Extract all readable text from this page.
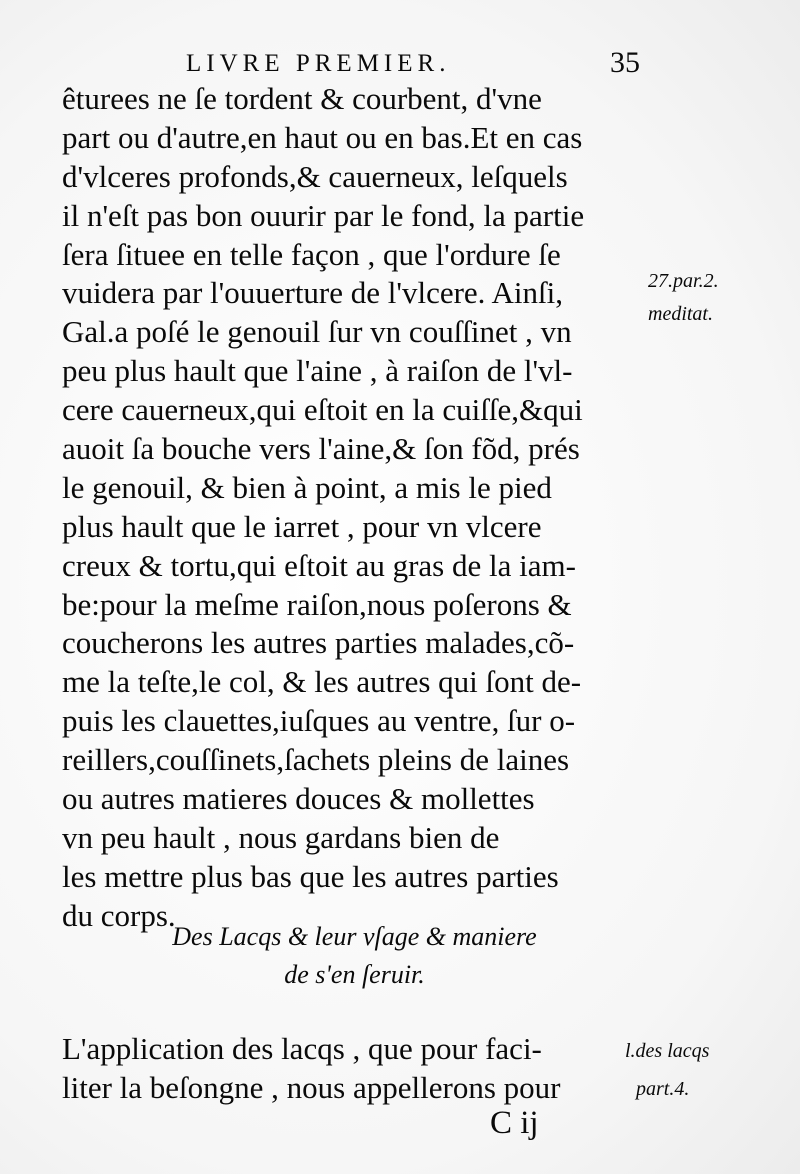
LIVRE PREMIER.	35
êturees ne ſe tordent & courbent, d'vne
part ou d'autre,en haut ou en bas.Et en cas
d'vlceres profonds,& cauerneux, leſquels
il n'eſt pas bon ouurir par le fond, la partie
ſera ſituee en telle façon , que l'ordure ſe
vuidera par l'ouuerture de l'vlcere. Ainſi,
Gal.a poſé le genouil ſur vn couſſinet , vn
peu plus hault que l'aine , à raiſon de l'vl-
cere cauerneux,qui eſtoit en la cuiſſe,&qui
auoit ſa bouche vers l'aine,& ſon fõd, prés
le genouil, & bien à point, a mis le pied
plus hault que le iarret , pour vn vlcere
creux & tortu,qui eſtoit au gras de la iam-
be:pour la meſme raiſon,nous poſerons &
coucherons les autres parties malades,cõ-
me la teſte,le col, & les autres qui ſont de-
puis les clauettes,iuſques au ventre, ſur o-
reillers,couſſinets,ſachets pleins de laines
ou autres matieres douces & mollettes
vn peu hault , nous gardans bien de
les mettre plus bas que les autres parties
du corps.
Des Lacqs & leur vſage & maniere
de s'en ſeruir.
L'application des lacqs , que pour faci-
liter la beſongne , nous appellerons pour
C ij
27.par.2.
meditat.
l.des lacqs
part.4.
